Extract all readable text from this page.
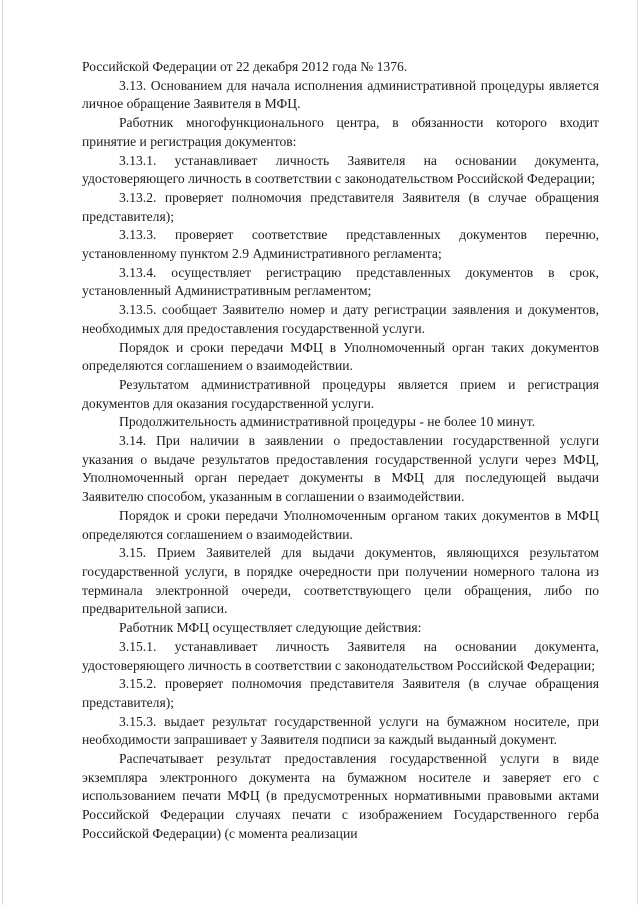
Российской Федерации от 22 декабря 2012 года № 1376.

3.13. Основанием для начала исполнения административной процедуры является личное обращение Заявителя в МФЦ.

Работник многофункционального центра, в обязанности которого входит принятие и регистрация документов:

3.13.1. устанавливает личность Заявителя на основании документа, удостоверяющего личность в соответствии с законодательством Российской Федерации;

3.13.2. проверяет полномочия представителя Заявителя (в случае обращения представителя);

3.13.3. проверяет соответствие представленных документов перечню, установленному пунктом 2.9 Административного регламента;

3.13.4. осуществляет регистрацию представленных документов в срок, установленный Административным регламентом;

3.13.5. сообщает Заявителю номер и дату регистрации заявления и документов, необходимых для предоставления государственной услуги.

Порядок и сроки передачи МФЦ в Уполномоченный орган таких документов определяются соглашением о взаимодействии.

Результатом административной процедуры является прием и регистрация документов для оказания государственной услуги.

Продолжительность административной процедуры - не более 10 минут.

3.14. При наличии в заявлении о предоставлении государственной услуги указания о выдаче результатов предоставления государственной услуги через МФЦ, Уполномоченный орган передает документы в МФЦ для последующей выдачи Заявителю способом, указанным в соглашении о взаимодействии.

Порядок и сроки передачи Уполномоченным органом таких документов в МФЦ определяются соглашением о взаимодействии.

3.15. Прием Заявителей для выдачи документов, являющихся результатом государственной услуги, в порядке очередности при получении номерного талона из терминала электронной очереди, соответствующего цели обращения, либо по предварительной записи.

Работник МФЦ осуществляет следующие действия:

3.15.1. устанавливает личность Заявителя на основании документа, удостоверяющего личность в соответствии с законодательством Российской Федерации;

3.15.2. проверяет полномочия представителя Заявителя (в случае обращения представителя);

3.15.3. выдает результат государственной услуги на бумажном носителе, при необходимости запрашивает у Заявителя подписи за каждый выданный документ.

Распечатывает результат предоставления государственной услуги в виде экземпляра электронного документа на бумажном носителе и заверяет его с использованием печати МФЦ (в предусмотренных нормативными правовыми актами Российской Федерации случаях печати с изображением Государственного герба Российской Федерации) (с момента реализации
